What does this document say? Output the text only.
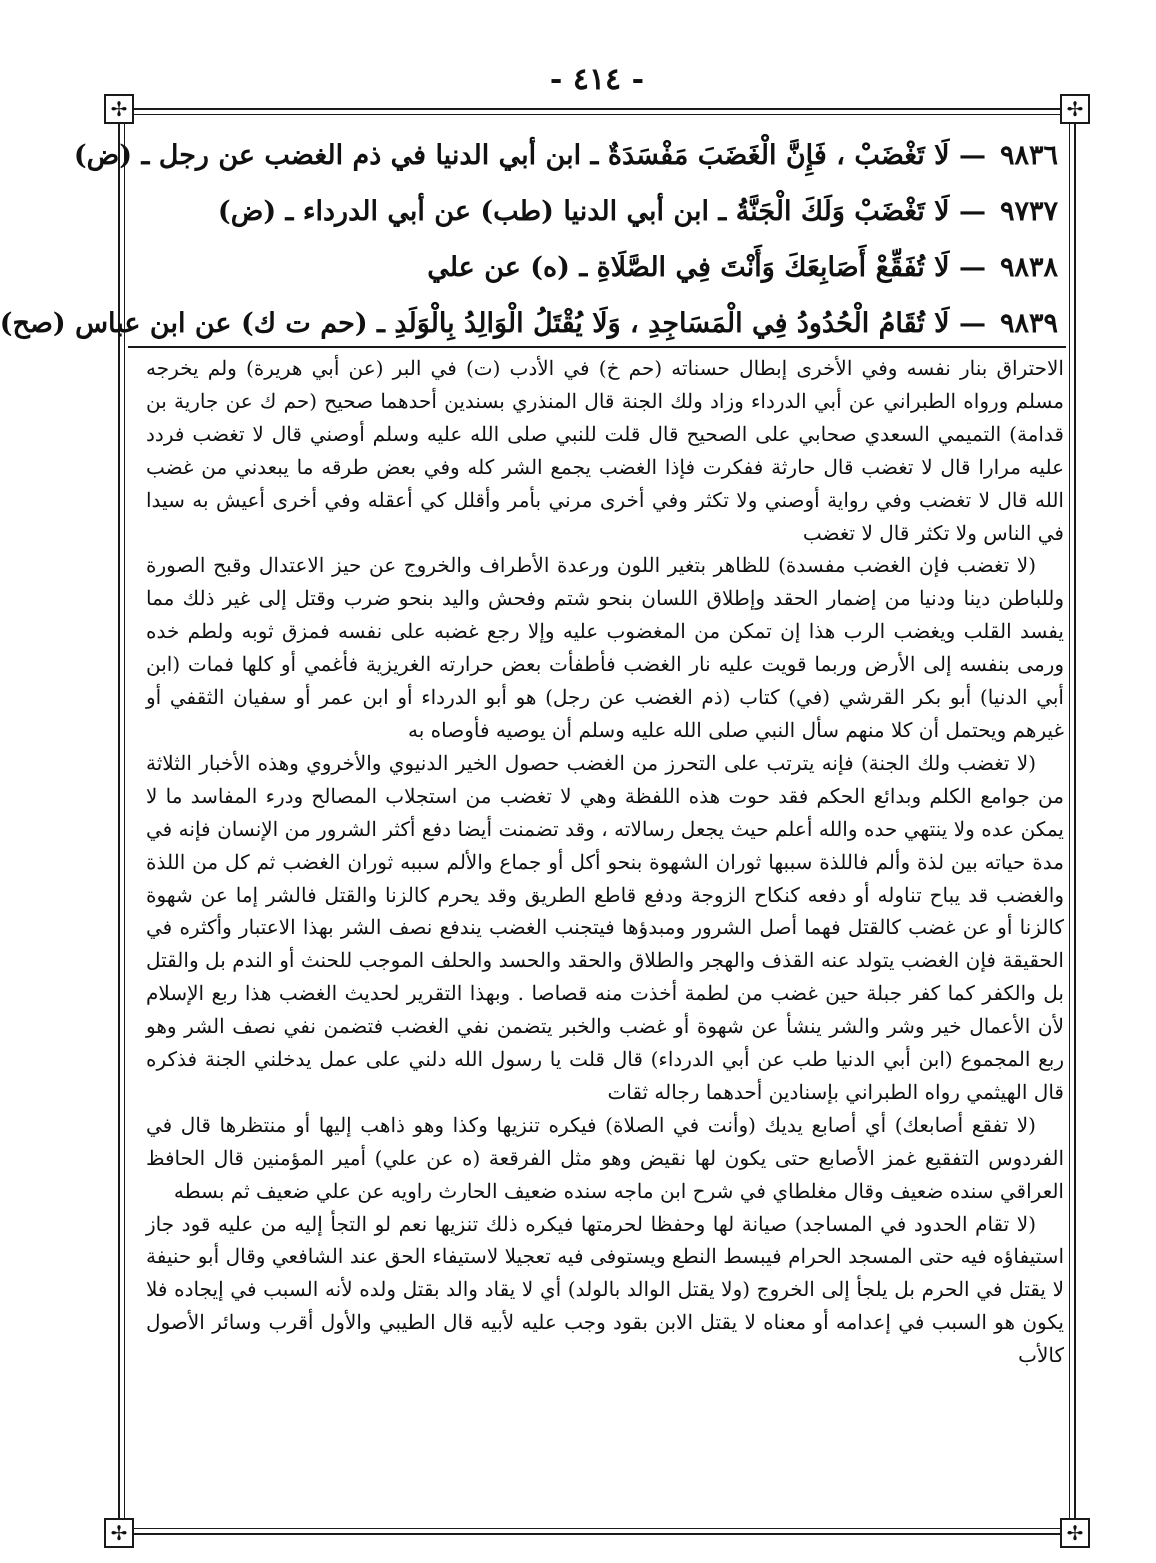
- ٤١٤ -
✢	✢
✢	✢
٩٨٣٦— لَا تَغْضَبْ ، فَإِنَّ الْغَضَبَ مَفْسَدَةٌ ـ ابن أبي الدنيا في ذم الغضب عن رجل ـ (ض)
٩٧٣٧— لَا تَغْضَبْ وَلَكَ الْجَنَّةُ ـ ابن أبي الدنيا (طب) عن أبي الدرداء ـ (ض)
٩٨٣٨— لَا تُفَقِّعْ أَصَابِعَكَ وَأَنْتَ فِي الصَّلَاةِ ـ (ه) عن علي
٩٨٣٩— لَا تُقَامُ الْحُدُودُ فِي الْمَسَاجِدِ ، وَلَا يُقْتَلُ الْوَالِدُ بِالْوَلَدِ ـ (حم ت ك) عن ابن عباس (صح)

الاحتراق بنار نفسه وفي الأخرى إبطال حسناته (حم خ) في الأدب (ت) في البر (عن أبي هريرة) ولم يخرجه مسلم ورواه الطبراني عن أبي الدرداء وزاد ولك الجنة قال المنذري بسندين أحدهما صحيح (حم ك عن جارية بن قدامة) التميمي السعدي صحابي على الصحيح قال قلت للنبي صلى الله عليه وسلم أوصني قال لا تغضب فردد عليه مرارا قال لا تغضب قال حارثة ففكرت فإذا الغضب يجمع الشر كله وفي بعض طرقه ما يبعدني من غضب الله قال لا تغضب وفي رواية أوصني ولا تكثر وفي أخرى مرني بأمر وأقلل كي أعقله وفي أخرى أعيش به سيدا في الناس ولا تكثر قال لا تغضب

(لا تغضب فإن الغضب مفسدة) للظاهر بتغير اللون ورعدة الأطراف والخروج عن حيز الاعتدال وقبح الصورة وللباطن دينا ودنيا من إضمار الحقد وإطلاق اللسان بنحو شتم وفحش واليد بنحو ضرب وقتل إلى غير ذلك مما يفسد القلب ويغضب الرب هذا إن تمكن من المغضوب عليه وإلا رجع غضبه على نفسه فمزق ثوبه ولطم خده ورمى بنفسه إلى الأرض وربما قويت عليه نار الغضب فأطفأت بعض حرارته الغريزية فأغمي أو كلها فمات (ابن أبي الدنيا) أبو بكر القرشي (في) كتاب (ذم الغضب عن رجل) هو أبو الدرداء أو ابن عمر أو سفيان الثقفي أو غيرهم ويحتمل أن كلا منهم سأل النبي صلى الله عليه وسلم أن يوصيه فأوصاه به

(لا تغضب ولك الجنة) فإنه يترتب على التحرز من الغضب حصول الخير الدنيوي والأخروي وهذه الأخبار الثلاثة من جوامع الكلم وبدائع الحكم فقد حوت هذه اللفظة وهي لا تغضب من استجلاب المصالح ودرء المفاسد ما لا يمكن عده ولا ينتهي حده والله أعلم حيث يجعل رسالاته ، وقد تضمنت أيضا دفع أكثر الشرور من الإنسان فإنه في مدة حياته بين لذة وألم فاللذة سببها ثوران الشهوة بنحو أكل أو جماع والألم سببه ثوران الغضب ثم كل من اللذة والغضب قد يباح تناوله أو دفعه كنكاح الزوجة ودفع قاطع الطريق وقد يحرم كالزنا والقتل فالشر إما عن شهوة كالزنا أو عن غضب كالقتل فهما أصل الشرور ومبدؤها فيتجنب الغضب يندفع نصف الشر بهذا الاعتبار وأكثره في الحقيقة فإن الغضب يتولد عنه القذف والهجر والطلاق والحقد والحسد والحلف الموجب للحنث أو الندم بل والقتل بل والكفر كما كفر جبلة حين غضب من لطمة أخذت منه قصاصا . وبهذا التقرير لحديث الغضب هذا ربع الإسلام لأن الأعمال خير وشر والشر ينشأ عن شهوة أو غضب والخبر يتضمن نفي الغضب فتضمن نفي نصف الشر وهو ربع المجموع (ابن أبي الدنيا طب عن أبي الدرداء) قال قلت يا رسول الله دلني على عمل يدخلني الجنة فذكره قال الهيثمي رواه الطبراني بإسنادين أحدهما رجاله ثقات

(لا تفقع أصابعك) أي أصابع يديك (وأنت في الصلاة) فيكره تنزيها وكذا وهو ذاهب إليها أو منتظرها قال في الفردوس التفقيع غمز الأصابع حتى يكون لها نقيض وهو مثل الفرقعة (ه عن علي) أمير المؤمنين قال الحافظ العراقي سنده ضعيف وقال مغلطاي في شرح ابن ماجه سنده ضعيف الحارث راويه عن علي ضعيف ثم بسطه

(لا تقام الحدود في المساجد) صيانة لها وحفظا لحرمتها فيكره ذلك تنزيها نعم لو التجأ إليه من عليه قود جاز استيفاؤه فيه حتى المسجد الحرام فيبسط النطع ويستوفى فيه تعجيلا لاستيفاء الحق عند الشافعي وقال أبو حنيفة لا يقتل في الحرم بل يلجأ إلى الخروج (ولا يقتل الوالد بالولد) أي لا يقاد والد بقتل ولده لأنه السبب في إيجاده فلا يكون هو السبب في إعدامه أو معناه لا يقتل الابن بقود وجب عليه لأبيه قال الطيبي والأول أقرب وسائر الأصول كالأب
